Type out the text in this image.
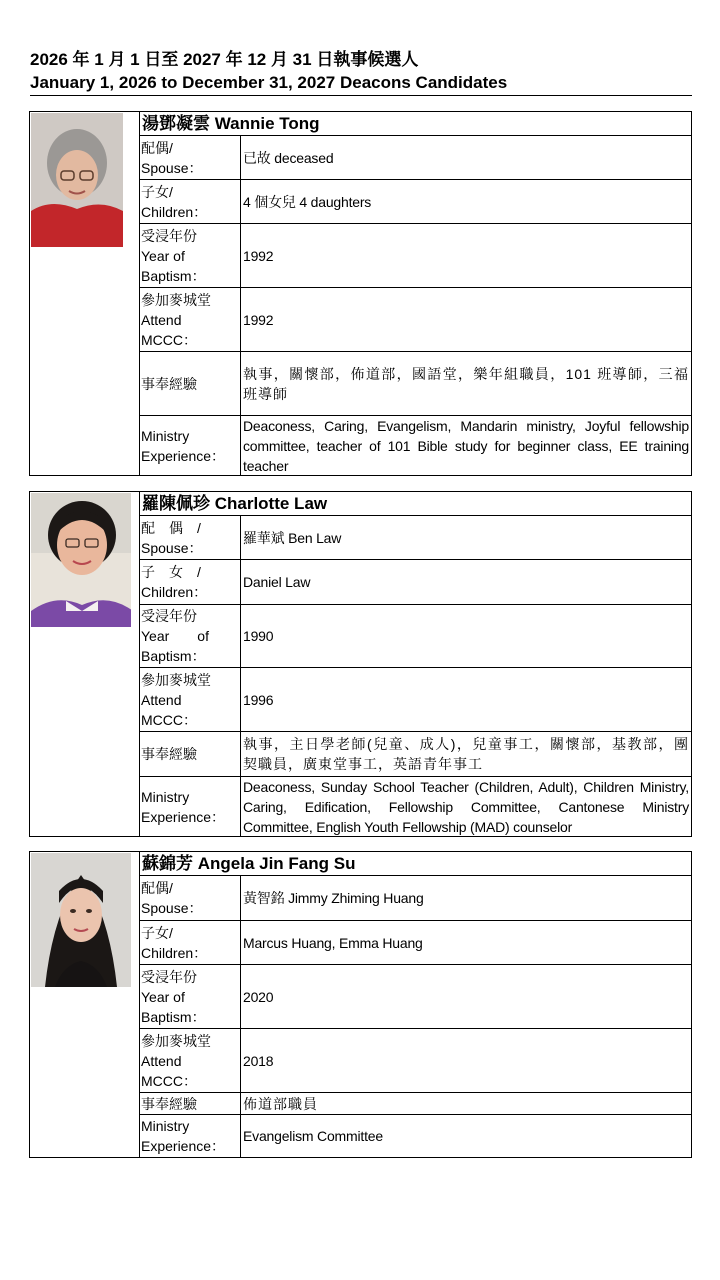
2026 年 1 月 1 日至 2027 年 12 月 31 日執事候選人
January 1, 2026 to December 31, 2027 Deacons Candidates
湯鄧凝雲 Wannie Tong
配偶/
Spouse：
已故 deceased
子女/
Children：
4 個女兒 4 daughters
受浸年份
Year of
Baptism：
1992
參加麥城堂
Attend
MCCC：
1992
事奉經驗
執事，關懷部，佈道部，國語堂，樂年組職員，101 班導師，三福班導師
Ministry
Experience：
Deaconess, Caring, Evangelism, Mandarin ministry, Joyful fellowship committee, teacher of 101 Bible study for beginner class, EE training teacher
羅陳佩珍 Charlotte Law
配　偶　/
Spouse：
羅華斌 Ben Law
子　女　/
Children：
Daniel Law
受浸年份
Year　　of
Baptism：
1990
參加麥城堂
Attend
MCCC：
1996
事奉經驗
執事，主日學老師(兒童、成人)，兒童事工，關懷部，基教部，團契職員，廣東堂事工，英語青年事工
Ministry
Experience：
Deaconess, Sunday School Teacher (Children, Adult), Children Ministry, Caring, Edification, Fellowship Committee, Cantonese Ministry Committee, English Youth Fellowship (MAD) counselor
蘇錦芳 Angela Jin Fang Su
配偶/
Spouse：
黃智銘 Jimmy Zhiming Huang
子女/
Children：
Marcus Huang, Emma Huang
受浸年份
Year of
Baptism：
2020
參加麥城堂
Attend
MCCC：
2018
事奉經驗	佈道部職員
Ministry
Experience：
Evangelism Committee
